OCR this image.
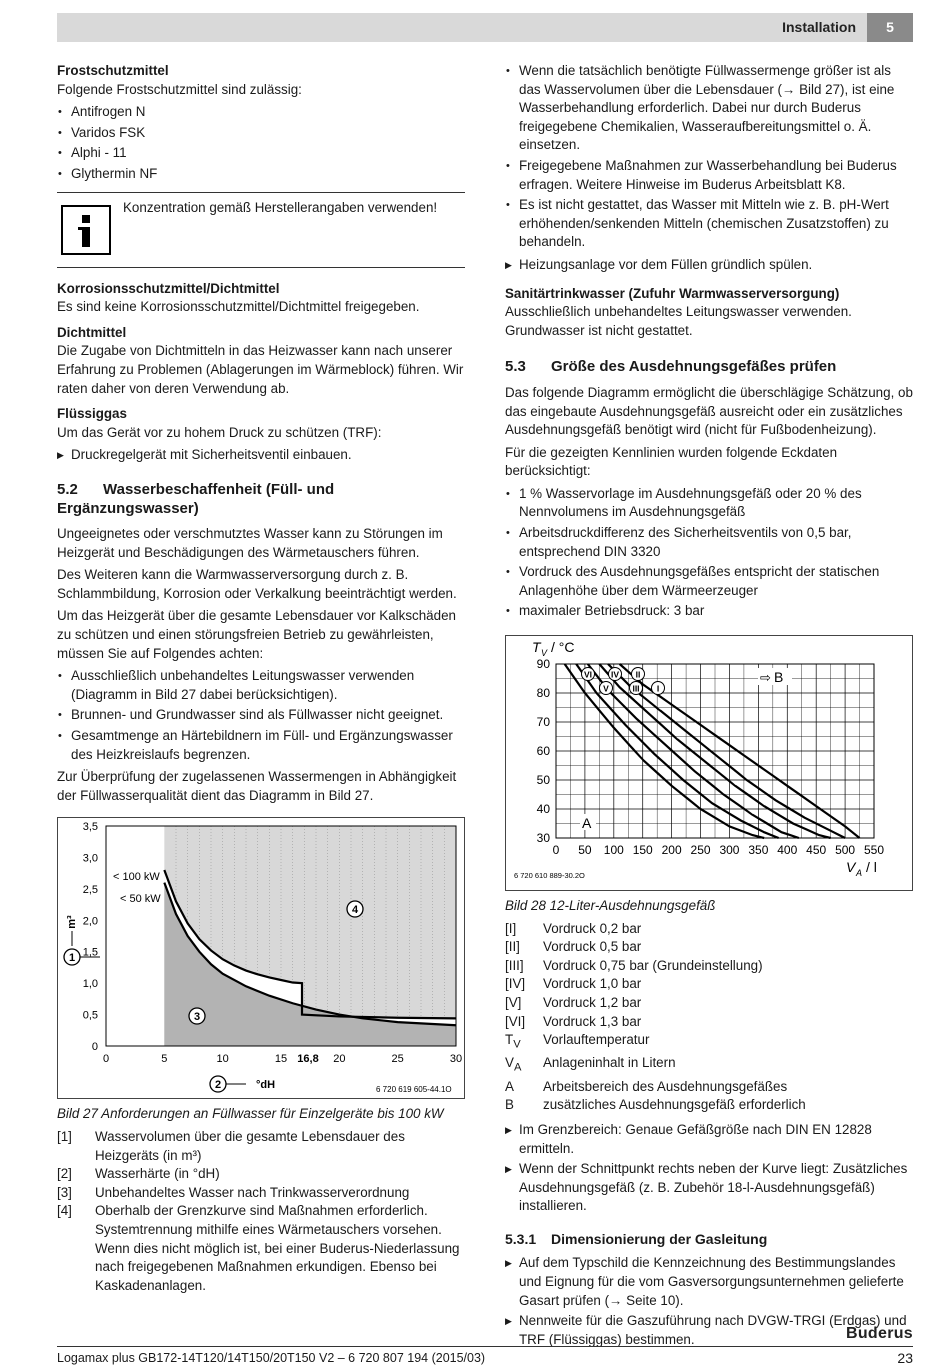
Installation	5
Frostschutzmittel

Folgende Frostschutzmittel sind zulässig:

• Antifrogen N
• Varidos FSK
• Alphi - 11
• Glythermin NF
Konzentration gemäß Herstellerangaben verwenden!
Korrosionsschutzmittel/Dichtmittel

Es sind keine Korrosionsschutzmittel/Dichtmittel freigegeben.

Dichtmittel

Die Zugabe von Dichtmitteln in das Heizwasser kann nach unserer Erfahrung zu Problemen (Ablagerungen im Wärmeblock) führen. Wir raten daher von deren Verwendung ab.

Flüssiggas

Um das Gerät vor zu hohem Druck zu schützen (TRF):

▶ Druckregelgerät mit Sicherheitsventil einbauen.
5.2 Wasserbeschaffenheit (Füll- und Ergänzungswasser)

Ungeeignetes oder verschmutztes Wasser kann zu Störungen im Heizgerät und Beschädigungen des Wärmetauschers führen.

Des Weiteren kann die Warmwasserversorgung durch z. B. Schlammbildung, Korrosion oder Verkalkung beeinträchtigt werden.

Um das Heizgerät über die gesamte Lebensdauer vor Kalkschäden zu schützen und einen störungsfreien Betrieb zu gewährleisten, müssen Sie auf Folgendes achten:

• Ausschließlich unbehandeltes Leitungswasser verwenden (Diagramm in Bild 27 dabei berücksichtigen).
• Brunnen- und Grundwasser sind als Füllwasser nicht geeignet.
• Gesamtmenge an Härtebildnern im Füll- und Ergänzungswasser des Heizkreislaufs begrenzen.

Zur Überprüfung der zugelassenen Wassermengen in Abhängigkeit der Füllwasserqualität dient das Diagramm in Bild 27.

0
0,5
1,0
1,5
2,0
2,5
3,0
3,5
0	5	10	15 16,8 20	25	30
< 100 kW
< 50 kW
m³
1
2	°dH
3
4
6 720 619 605-44.1O
Bild 27 Anforderungen an Füllwasser für Einzelgeräte bis 100 kW
[1]	Wasservolumen über die gesamte Lebensdauer des Heizgeräts (in m³)
[2]	Wasserhärte (in °dH)
[3]	Unbehandeltes Wasser nach Trinkwasserverordnung
[4]	Oberhalb der Grenzkurve sind Maßnahmen erforderlich. Systemtrennung mithilfe eines Wärmetauschers vorsehen. Wenn dies nicht möglich ist, bei einer Buderus-Niederlassung nach freigegebenen Maßnahmen erkundigen. Ebenso bei Kaskadenanlagen.
• Wenn die tatsächlich benötigte Füllwassermenge größer ist als das Wasservolumen über die Lebensdauer (→ Bild 27), ist eine Wasserbehandlung erforderlich. Dabei nur durch Buderus freigegebene Chemikalien, Wasseraufbereitungsmittel o. Ä. einsetzen.
• Freigegebene Maßnahmen zur Wasserbehandlung bei Buderus erfragen. Weitere Hinweise im Buderus Arbeitsblatt K8.
• Es ist nicht gestattet, das Wasser mit Mitteln wie z. B. pH-Wert erhöhenden/senkenden Mitteln (chemischen Zusatzstoffen) zu behandeln.
▶ Heizungsanlage vor dem Füllen gründlich spülen.
Sanitärtrinkwasser (Zufuhr Warmwasserversorgung)

Ausschließlich unbehandeltes Leitungswasser verwenden. Grundwasser ist nicht gestattet.

5.3 Größe des Ausdehnungsgefäßes prüfen

Das folgende Diagramm ermöglicht die überschlägige Schätzung, ob das eingebaute Ausdehnungsgefäß ausreicht oder ein zusätzliches Ausdehnungsgefäß benötigt wird (nicht für Fußbodenheizung).

Für die gezeigten Kennlinien wurden folgende Eckdaten berücksichtigt:

• 1 % Wasservorlage im Ausdehnungsgefäß oder 20 % des Nennvolumens im Ausdehnungsgefäß
• Arbeitsdruckdifferenz des Sicherheitsventils von 0,5 bar, entsprechend DIN 3320
• Vordruck des Ausdehnungsgefäßes entspricht der statischen Anlagenhöhe über dem Wärmeerzeuger
• maximaler Betriebsdruck: 3 bar
I
II
III
IV
V
VI
30
40
50
60
70
80
90
0 50 100 150 200 250 300 350 400 450 500 550
T V / °C
V A / l
A
⇨ B
6 720 610 889-30.2O
Bild 28 12-Liter-Ausdehnungsgefäß
[I]	Vordruck 0,2 bar
[II]	Vordruck 0,5 bar
[III]	Vordruck 0,75 bar (Grundeinstellung)
[IV]	Vordruck 1,0 bar
[V]	Vordruck 1,2 bar
[VI]	Vordruck 1,3 bar
$T_V$	Vorlauftemperatur
$V_A$	Anlageninhalt in Litern
A	Arbeitsbereich des Ausdehnungsgefäßes
B	zusätzliches Ausdehnungsgefäß erforderlich
▶ Im Grenzbereich: Genaue Gefäßgröße nach DIN EN 12828 ermitteln.
▶ Wenn der Schnittpunkt rechts neben der Kurve liegt: Zusätzliches Ausdehnungsgefäß (z. B. Zubehör 18-l-Ausdehnungsgefäß) installieren.
5.3.1 Dimensionierung der Gasleitung
▶ Auf dem Typschild die Kennzeichnung des Bestimmungslandes und Eignung für die vom Gasversorgungsunternehmen gelieferte Gasart prüfen (→ Seite 10).
▶ Nennweite für die Gaszuführung nach DVGW-TRGI (Erdgas) und TRF (Flüssiggas) bestimmen.	Buderus
Logamax plus GB172-14T120/14T150/20T150 V2 – 6 720 807 194 (2015/03)	23
